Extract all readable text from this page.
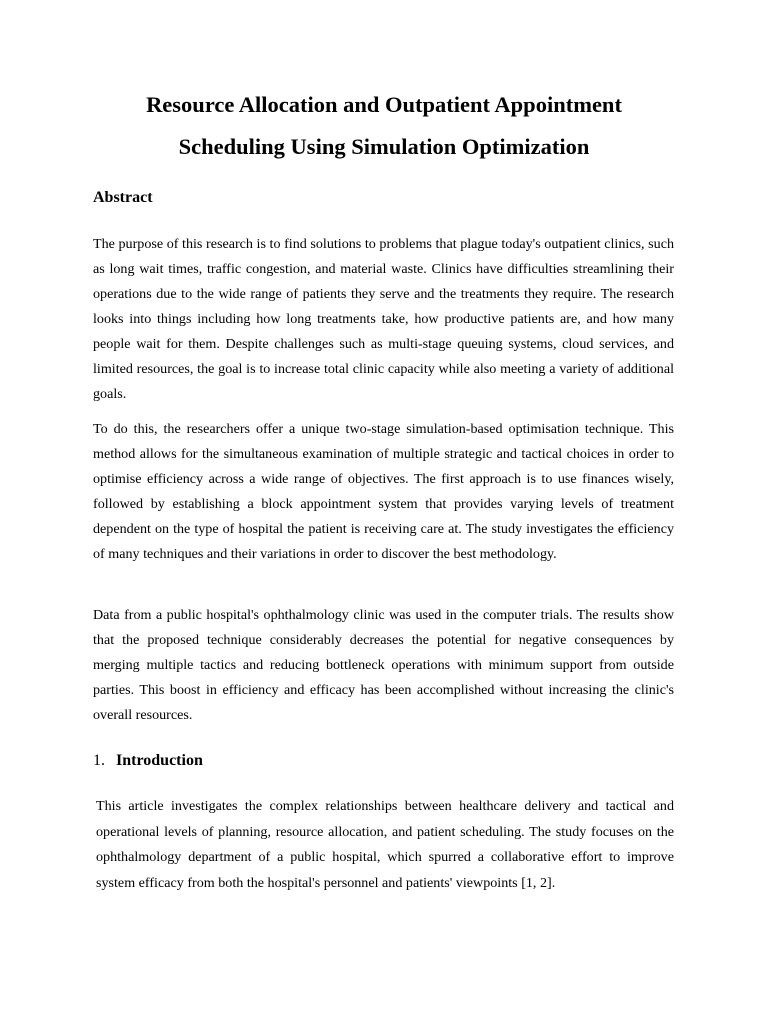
Resource Allocation and Outpatient Appointment
Scheduling Using Simulation Optimization
Abstract

The purpose of this research is to find solutions to problems that plague today's outpatient clinics, such as long wait times, traffic congestion, and material waste. Clinics have difficulties streamlining their operations due to the wide range of patients they serve and the treatments they require. The research looks into things including how long treatments take, how productive patients are, and how many people wait for them. Despite challenges such as multi-stage queuing systems, cloud services, and limited resources, the goal is to increase total clinic capacity while also meeting a variety of additional goals.

To do this, the researchers offer a unique two-stage simulation-based optimisation technique. This method allows for the simultaneous examination of multiple strategic and tactical choices in order to optimise efficiency across a wide range of objectives. The first approach is to use finances wisely, followed by establishing a block appointment system that provides varying levels of treatment dependent on the type of hospital the patient is receiving care at. The study investigates the efficiency of many techniques and their variations in order to discover the best methodology.

Data from a public hospital's ophthalmology clinic was used in the computer trials. The results show that the proposed technique considerably decreases the potential for negative consequences by merging multiple tactics and reducing bottleneck operations with minimum support from outside parties. This boost in efficiency and efficacy has been accomplished without increasing the clinic's overall resources.

1. Introduction

This article investigates the complex relationships between healthcare delivery and tactical and operational levels of planning, resource allocation, and patient scheduling. The study focuses on the ophthalmology department of a public hospital, which spurred a collaborative effort to improve system efficacy from both the hospital's personnel and patients' viewpoints [1, 2].
